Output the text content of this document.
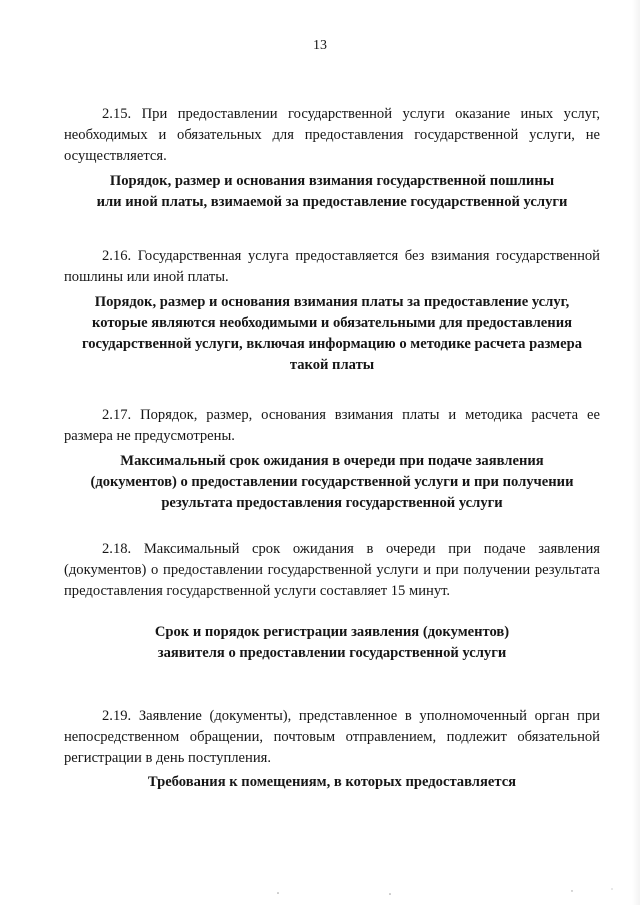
13

2.15. При предоставлении государственной услуги оказание иных услуг, необходимых и обязательных для предоставления государственной услуги, не осуществляется.

Порядок, размер и основания взимания государственной пошлины
или иной платы, взимаемой за предоставление государственной услуги

2.16. Государственная услуга предоставляется без взимания государственной пошлины или иной платы.

Порядок, размер и основания взимания платы за предоставление услуг,
которые являются необходимыми и обязательными для предоставления
государственной услуги, включая информацию о методике расчета размера
такой платы

2.17. Порядок, размер, основания взимания платы и методика расчета ее размера не предусмотрены.

Максимальный срок ожидания в очереди при подаче заявления
(документов) о предоставлении государственной услуги и при получении
результата предоставления государственной услуги

2.18. Максимальный срок ожидания в очереди при подаче заявления (документов) о предоставлении государственной услуги и при получении результата предоставления государственной услуги составляет 15 минут.

Срок и порядок регистрации заявления (документов)
заявителя о предоставлении государственной услуги

2.19. Заявление (документы), представленное в уполномоченный орган при непосредственном обращении, почтовым отправлением, подлежит обязательной регистрации в день поступления.

Требования к помещениям, в которых предоставляется
